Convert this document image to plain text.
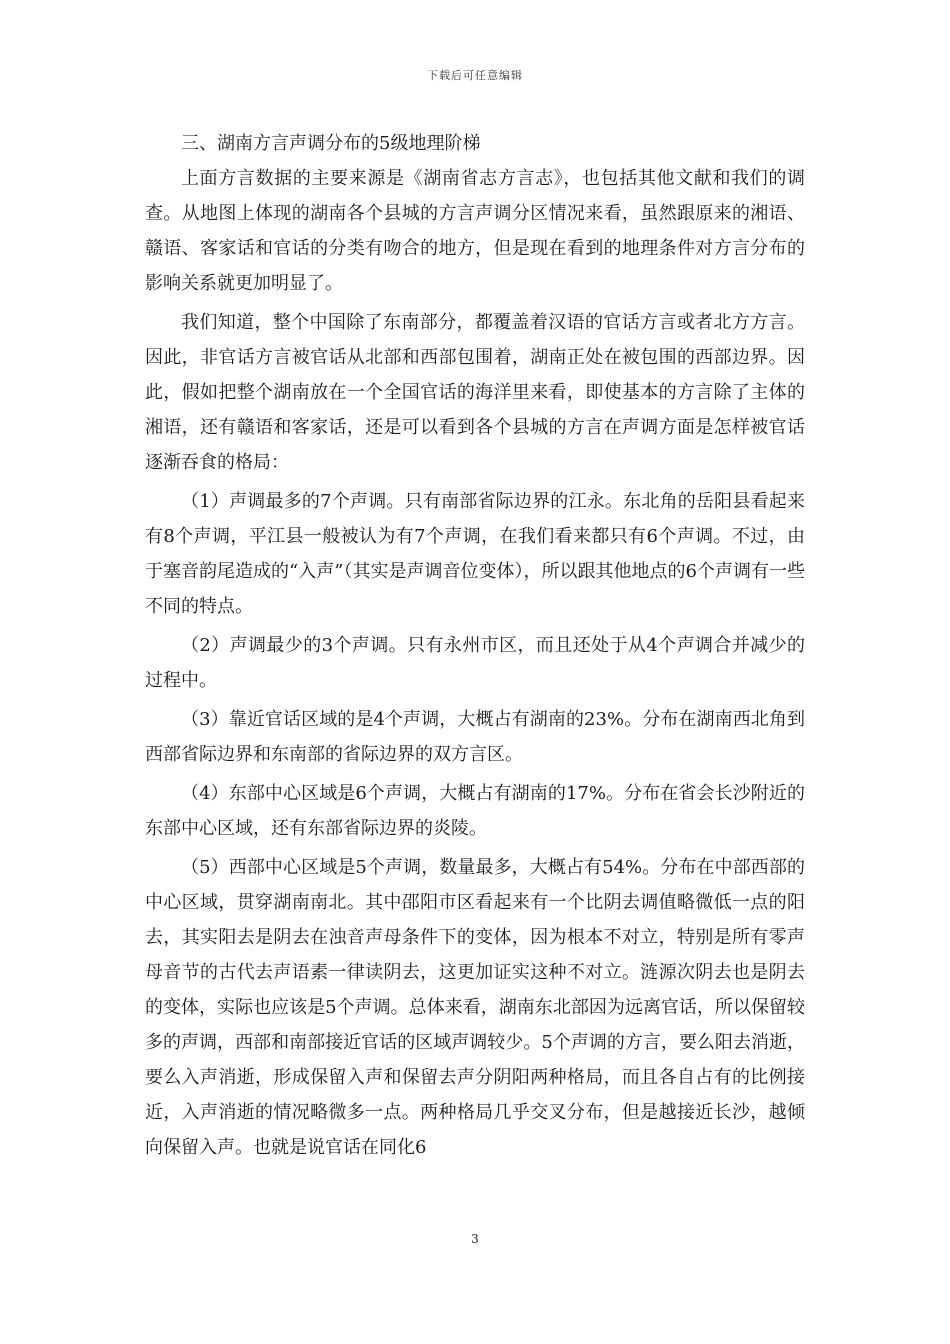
下载后可任意编辑

三、湖南方言声调分布的5级地理阶梯

上面方言数据的主要来源是《湖南省志方言志》，也包括其他文献和我们的调查。从地图上体现的湖南各个县城的方言声调分区情况来看，虽然跟原来的湘语、赣语、客家话和官话的分类有吻合的地方，但是现在看到的地理条件对方言分布的影响关系就更加明显了。

我们知道，整个中国除了东南部分，都覆盖着汉语的官话方言或者北方方言。因此，非官话方言被官话从北部和西部包围着，湖南正处在被包围的西部边界。因此，假如把整个湖南放在一个全国官话的海洋里来看，即使基本的方言除了主体的湘语，还有赣语和客家话，还是可以看到各个县城的方言在声调方面是怎样被官话逐渐吞食的格局：

（1）声调最多的7个声调。只有南部省际边界的江永。东北角的岳阳县看起来有8个声调，平江县一般被认为有7个声调，在我们看来都只有6个声调。不过，由于塞音韵尾造成的“入声”（其实是声调音位变体），所以跟其他地点的6个声调有一些不同的特点。

（2）声调最少的3个声调。只有永州市区，而且还处于从4个声调合并减少的过程中。

（3）靠近官话区域的是4个声调，大概占有湖南的23%。分布在湖南西北角到西部省际边界和东南部的省际边界的双方言区。

（4）东部中心区域是6个声调，大概占有湖南的17%。分布在省会长沙附近的东部中心区域，还有东部省际边界的炎陵。

（5）西部中心区域是5个声调，数量最多，大概占有54%。分布在中部西部的中心区域，贯穿湖南南北。其中邵阳市区看起来有一个比阴去调值略微低一点的阳去，其实阳去是阴去在浊音声母条件下的变体，因为根本不对立，特别是所有零声母音节的古代去声语素一律读阴去，这更加证实这种不对立。涟源次阴去也是阴去的变体，实际也应该是5个声调。总体来看，湖南东北部因为远离官话，所以保留较多的声调，西部和南部接近官话的区域声调较少。5个声调的方言，要么阳去消逝，要么入声消逝，形成保留入声和保留去声分阴阳两种格局，而且各自占有的比例接近，入声消逝的情况略微多一点。两种格局几乎交叉分布，但是越接近长沙，越倾向保留入声。也就是说官话在同化6

3
